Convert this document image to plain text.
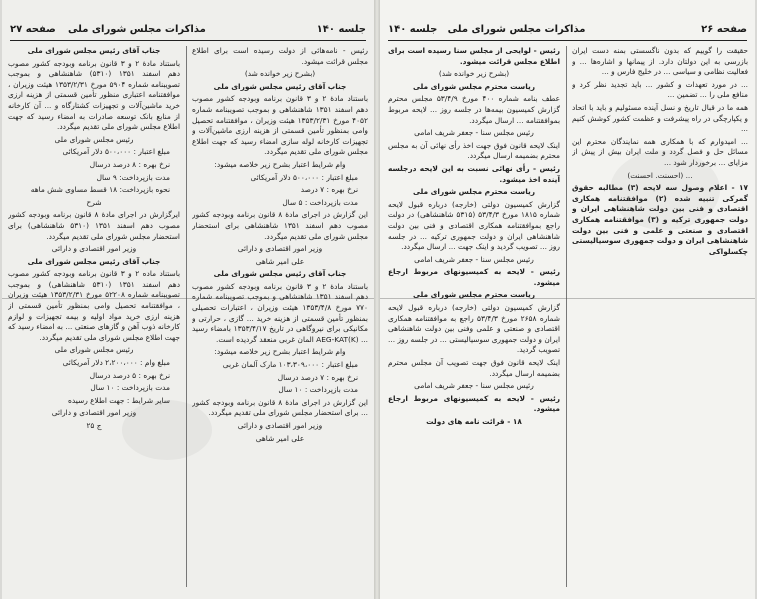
جلسه ۱۴۰
مذاکرات مجلس شورای ملی
صفحه ۲۷

رئیس - نامه‌هائی از دولت رسیده است برای اطلاع مجلس قرائت میشود.

(بشرح زیر خوانده شد)

جناب آقای رئیس مجلس شورای ملی

باستناد مادهٔ ۲ و ۳ قانون برنامه وبودجه کشور مصوب دهم اسفند ۱۳۵۱ شاهنشاهی و بموجب تصویبنامه شماره ۴۰۵۲ مورخ ۱۳۵۳/۲/۳۱ هیئت وزیران ، موافقتنامه تحصیل وامی بمنظور تأمین قسمتی از هزینه ارزی ماشین‌آلات و تجهیزات کارخانه لوله سازی امضاء رسید که جهت اطلاع مجلس شورای ملی تقدیم میگردد.

وام شرایط اعتبار بشرح زیر خلاصه میشود:

مبلغ اعتبار : ۵۰۰،۰۰۰ دلار آمریکائی

نرخ بهره : ۷ درصد

مدت بازپرداخت : ۵ سال

این گزارش در اجرای مادهٔ ۸ قانون برنامه وبودجه کشور مصوب دهم اسفند ۱۳۵۱ شاهنشاهی برای استحضار مجلس شورای ملی تقدیم میگردد.

وزیر امور اقتصادی و دارائی

علی امیر شاهی

جناب آقای رئیس مجلس شورای ملی

باستناد مادهٔ ۲ و ۳ قانون برنامه وبودجه کشور مصوب دهم اسفند ۱۳۵۱ شاهنشاهی و بموجب تصویبنامه شماره ۷۷۰ مورخ ۱۳۵۳/۴/۸ هیئت وزیران ، اعتبارات تحصیلی بمنظور تأمین قسمتی از هزینه خرید ... گازی ، حرارتی و مکانیکی برای نیروگاهی در تاریخ ۱۳۵۳/۴/۱۷ بامضاء رسید ... AEG-KAT(K) المان غربی منعقد گردیده است.

وام شرایط اعتبار بشرح زیر خلاصه میشود:

مبلغ اعتبار : ۱۰۳،۳۰۹،۰۰۰ مارک آلمان غربی

نرخ بهره : ۷ درصد درسال

مدت بازپرداخت : ۱۰ سال

این گزارش در اجرای مادهٔ ۸ قانون برنامه وبودجه کشور ... برای استحضار مجلس شورای ملی تقدیم میگردد.

وزیر امور اقتصادی و دارائی

علی امیر شاهی

جناب آقای رئیس مجلس شورای ملی

باستناد مادهٔ ۲ و ۳ قانون برنامه وبودجه کشور مصوب دهم اسفند ۱۳۵۱ (۵۳۱۰) شاهنشاهی و بموجب تصویبنامه شماره ۵۹۰۴ مورخ ۱۳۵۳/۲/۳۱ هیئت وزیران ، موافقتنامه اعتباری منظور تأمین قسمتی از هزینه ارزی خرید ماشین‌آلات و تجهیزات کشتارگاه و ... آن کارخانه از منابع بانک توسعه صادرات به امضاء رسید که جهت اطلاع مجلس شورای ملی تقدیم میگردد.

رئیس مجلس شورای ملی

مبلغ اعتبار : ۵۰۰،۰۰۰ دلار آمریکائی

نرخ بهره : ۸ درصد درسال

مدت بازپرداخت: ۹ سال

نحوه بازپرداخت: ۱۸ قسط مساوی شش ماهه

شرح

ایرگزارش در اجرای مادهٔ ۸ قانون برنامه وبودجه کشور مصوب دهم اسفند ۱۳۵۱ (۵۳۱۰ شاهنشاهی) برای استحضار مجلس شورای ملی تقدیم میگردد.

وزیر امور اقتصادی و دارائی

جناب آقای رئیس مجلس شورای ملی

باستناد ماده ۲ و ۳ قانون برنامه وبودجه کشور مصوب دهم اسفند ۱۳۵۱ (۵۳۱۰ شاهنشاهی) و بموجب تصویبنامه شماره ۵۲۲۰۸ مورخ ۱۳۵۳/۲/۳۱ هیئت وزیران ، موافقتنامه تحصیل وامی بمنظور تأمین قسمتی از هزینه ارزی خرید مواد اولیه و بیمه تجهیزات و لوازم کارخانه ذوب آهن و گازهای صنعتی ... به امضاء رسید که جهت اطلاع مجلس شورای ملی تقدیم میگردد.

رئیس مجلس شورای ملی

مبلغ وام : ۲،۲۰۰،۰۰۰ دلار آمریکائی

نرخ بهره : ۵ درصد درسال

مدت بازپرداخت : ۱۰ سال

سایر شرایط : جهت اطلاع رسیده

وزیر امور اقتصادی و دارائی

ج ۲۵

صفحه ۲۶
مذاکرات مجلس شورای ملی
جلسه ۱۴۰

حقیقت را گوییم که بدون ناگسستی بمنه دست ایران بازرسی به این دولتان دارد. از پیمانها و اشاره‌ها ... و فعالیت نظامی و سیاسی ... در خلیج فارس و ...

... در مورد تعهدات و کشور ... باید تجدید نظر کرد و منافع ملی را ... تضمین ...

همه ما در قبال تاریخ و نسل آینده مسئولیم و باید با اتحاد و یکپارچگی در راه پیشرفت و عظمت کشور کوشش کنیم ...

... امیدوارم که با همکاری همه نمایندگان محترم این مسائل حل و فصل گردد و ملت ایران بیش از پیش از مزایای ... برخوردار شود ...

... (احسنت. احسنت)

۱۷ - اعلام وصول سه لایحه (۳) مطالبه حقوق گمرکی تنبیه شده (۲) موافقتنامه همکاری اقتصادی و فنی بین دولت شاهنشاهی ایران و دولت جمهوری ترکیه و (۳) موافقتنامه همکاری اقتصادی و صنعتی و علمی و فنی بین دولت شاهنشاهی ایران و دولت جمهوری سوسیالیستی چکسلواکی

رئیس - لوایحی از مجلس سنا رسیده است برای اطلاع مجلس قرائت میشود.

(بشرح زیر خوانده شد)

ریاست محترم مجلس شورای ملی

عطف بنامه شماره ۴۰۰ مورخ ۵۳/۴/۹ مجلس محترم گزارش کمیسیون بیمه‌ها در جلسه روز ... لایحه مربوط بموافقتنامه ... ارسال میگردد.

رئیس مجلس سنا - جعفر شریف امامی

اینک لایحه قانون فوق جهت اخذ رأی نهائی آن به مجلس محترم بضمیمه ارسال میگردد.

رئیس - رأی نهائی نسبت به این لایحه درجلسه آینده اخذ میشود.

ریاست محترم مجلس شورای ملی

گزارش کمیسیون دولتی (خارجه) درباره قبول لایحه شماره ۱۸۱۵ مورخ ۵۳/۴/۳ (۵۳۱۵ شاهنشاهی) در دولت راجع بموافقتنامه همکاری اقتصادی و فنی بین دولت شاهنشاهی ایران و دولت جمهوری ترکیه ... در جلسه روز ... تصویب گردید و اینک جهت ... ارسال میگردد.

رئیس مجلس سنا - جعفر شریف امامی

رئیس - لایحه به کمیسیونهای مربوط ارجاع میشود.

ریاست محترم مجلس شورای ملی

گزارش کمیسیون دولتی (خارجه) درباره قبول لایحه شماره ۲۶۵۸ مورخ ۵۳/۴/۳ راجع به موافقتنامه همکاری اقتصادی و صنعتی و علمی وفنی بین دولت شاهنشاهی ایران و دولت جمهوری سوسیالیستی ... در جلسه روز ... تصویب گردید.

اینک لایحه قانون فوق جهت تصویب آن مجلس محترم بضمیمه ارسال میگردد.

رئیس مجلس سنا - جعفر شریف امامی

رئیس - لایحه به کمیسیونهای مربوط ارجاع میشود.

۱۸ - قرائت نامه های دولت
